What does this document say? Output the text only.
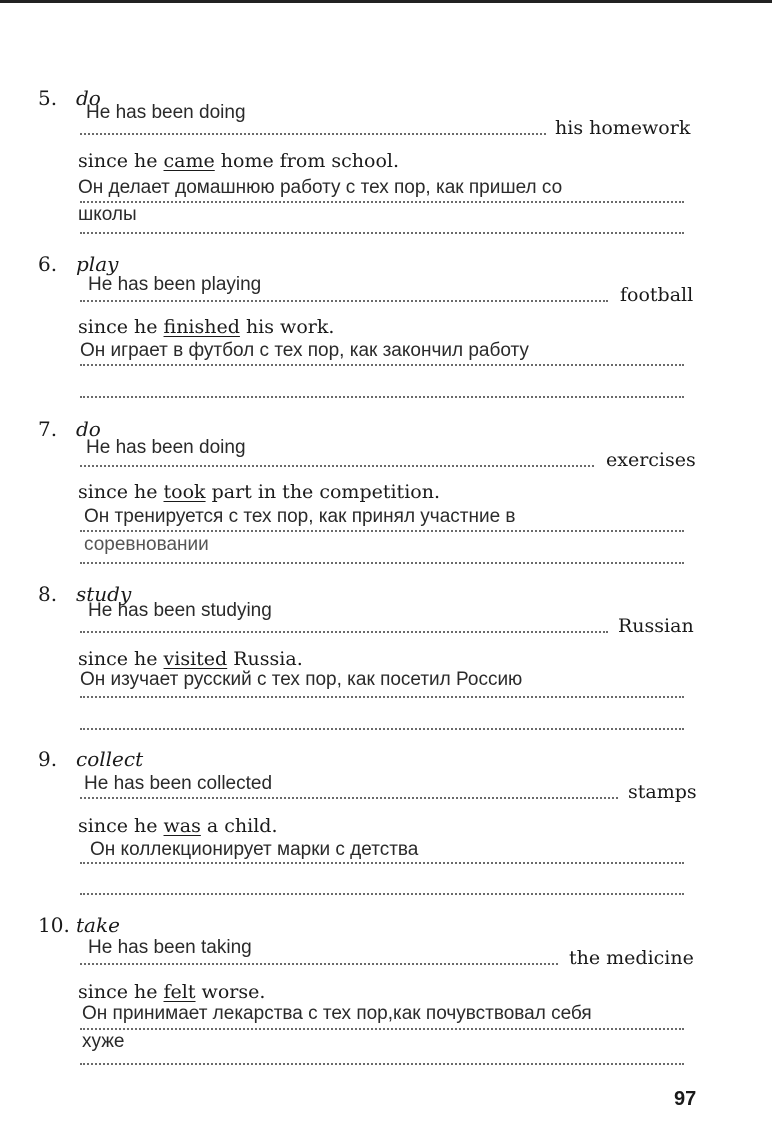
5. do
He has been doing
his homework
since he came home from school.
Он делает домашнюю работу с тех пор, как пришел со
школы
6. play
He has been playing	football
since he finished his work.
Он играет в футбол с тех пор, как закончил работу
7. do
He has been doing
exercises
since he took part in the competition.
Он тренируется с тех пор, как принял участние в
соревновании
8. study
He has been studying
Russian
since he visited Russia.
Он изучает русский с тех пор, как посетил Россию
9. collect
He has been collected	stamps
since he was a child.
Он коллекционирует марки с детства
10. take
He has been taking	the medicine
since he felt worse.
Он принимает лекарства с тех пор,как почувствовал себя
хуже
97
